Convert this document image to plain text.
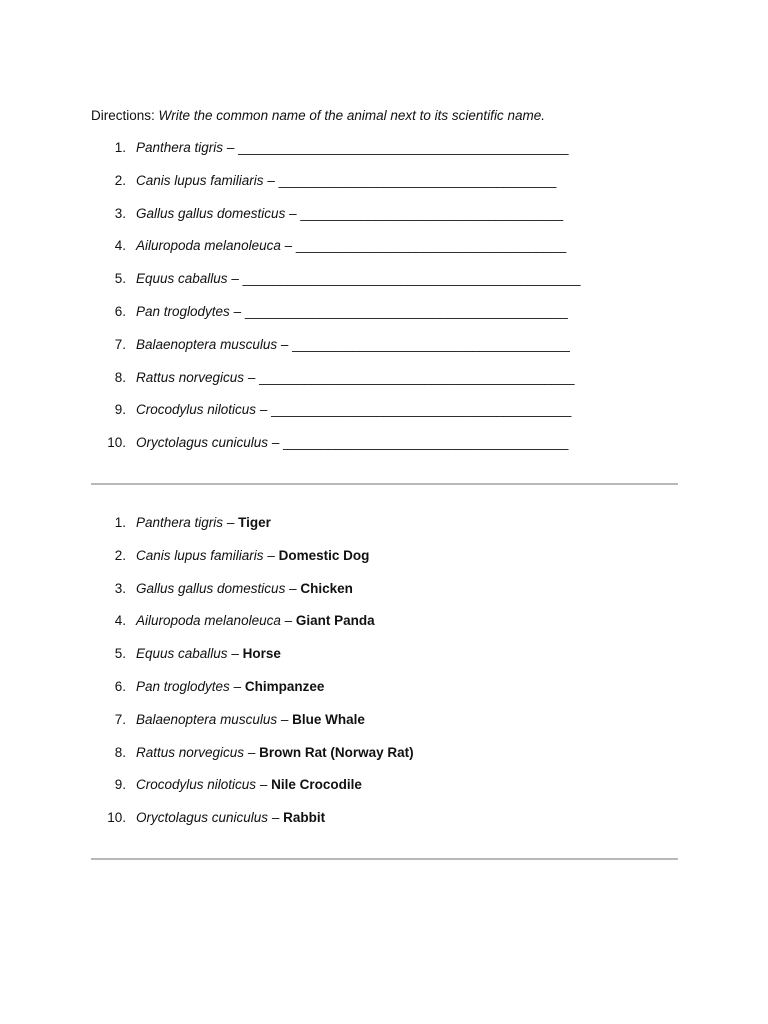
Directions: Write the common name of the animal next to its scientific name.
1. Panthera tigris – ____________________________________________
2. Canis lupus familiaris – _____________________________________
3. Gallus gallus domesticus – ___________________________________
4. Ailuropoda melanoleuca – ____________________________________
5. Equus caballus – _____________________________________________
6. Pan troglodytes – ___________________________________________
7. Balaenoptera musculus – _____________________________________
8. Rattus norvegicus – __________________________________________
9. Crocodylus niloticus – ________________________________________
10. Oryctolagus cuniculus – ______________________________________
1. Panthera tigris – Tiger
2. Canis lupus familiaris – Domestic Dog
3. Gallus gallus domesticus – Chicken
4. Ailuropoda melanoleuca – Giant Panda
5. Equus caballus – Horse
6. Pan troglodytes – Chimpanzee
7. Balaenoptera musculus – Blue Whale
8. Rattus norvegicus – Brown Rat (Norway Rat)
9. Crocodylus niloticus – Nile Crocodile
10. Oryctolagus cuniculus – Rabbit
